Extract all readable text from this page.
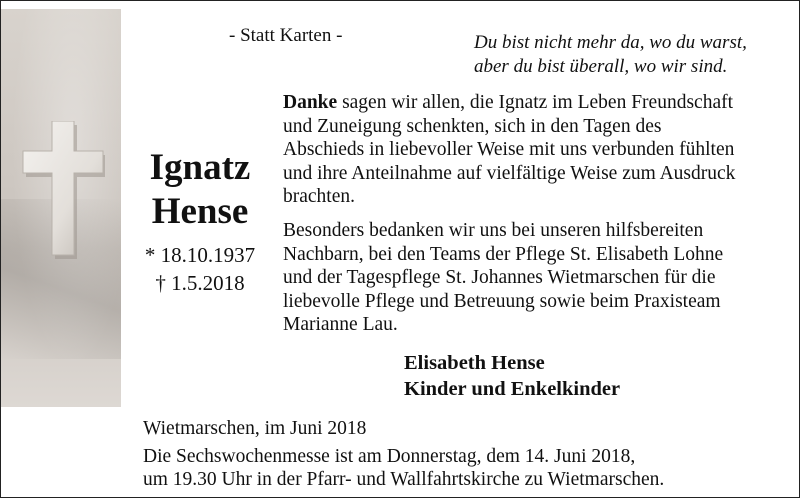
- Statt Karten -	Du bist nicht mehr da, wo du warst,
aber du bist überall, wo wir sind.
Ignatz
Hense
* 18.10.1937
† 1.5.2018
Danke sagen wir allen, die Ignatz im Leben Freundschaft
und Zuneigung schenkten, sich in den Tagen des
Abschieds in liebevoller Weise mit uns verbunden fühlten
und ihre Anteilnahme auf vielfältige Weise zum Ausdruck
brachten.
Besonders bedanken wir uns bei unseren hilfsbereiten
Nachbarn, bei den Teams der Pflege St. Elisabeth Lohne
und der Tagespflege St. Johannes Wietmarschen für die
liebevolle Pflege und Betreuung sowie beim Praxisteam
Marianne Lau.
Elisabeth Hense
Kinder und Enkelkinder
Wietmarschen, im Juni 2018
Die Sechswochenmesse ist am Donnerstag, dem 14. Juni 2018,
um 19.30 Uhr in der Pfarr- und Wallfahrtskirche zu Wietmarschen.
